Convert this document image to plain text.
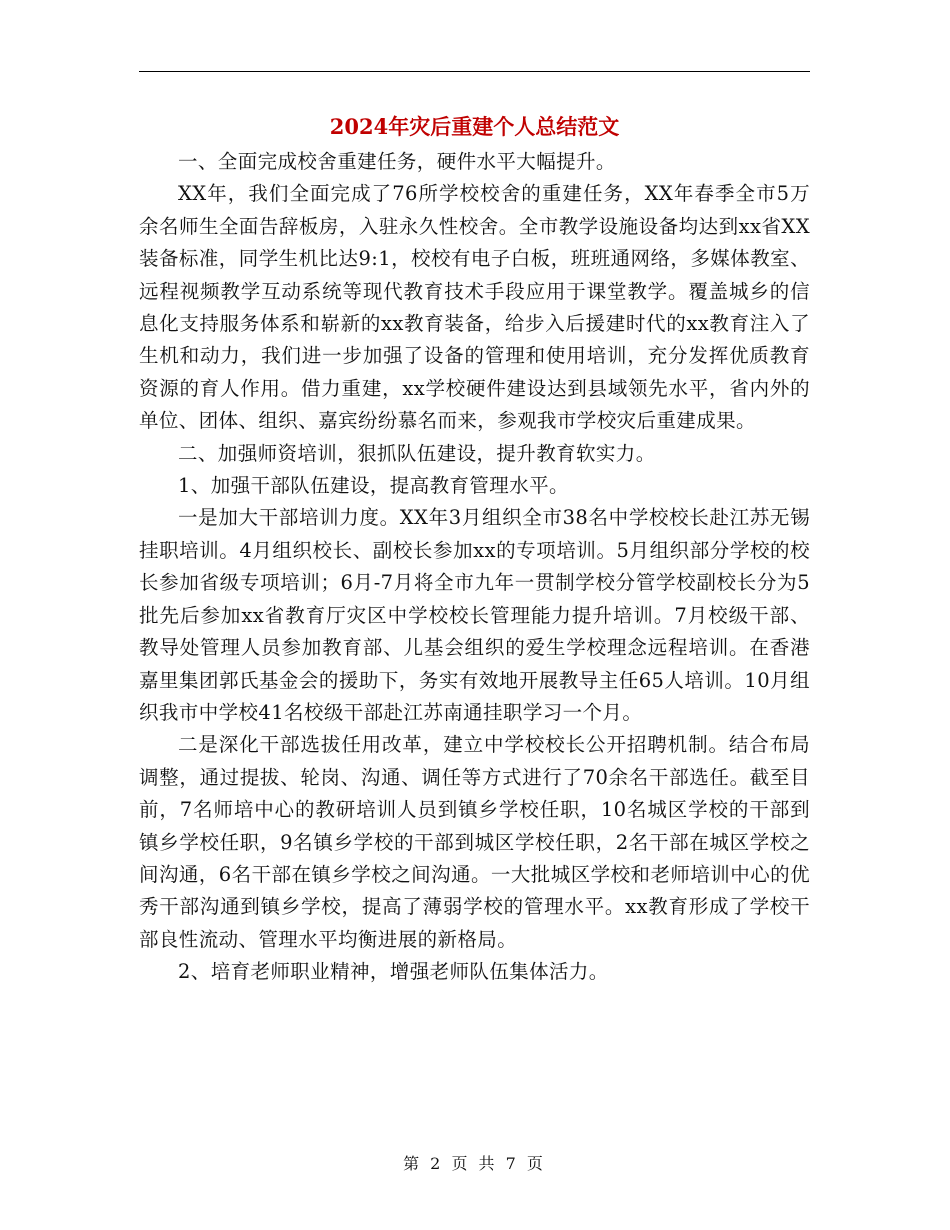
2024年灾后重建个人总结范文

一、全面完成校舍重建任务，硬件水平大幅提升。

XX年，我们全面完成了76所学校校舍的重建任务，XX年春季全市5万余名师生全面告辞板房，入驻永久性校舍。全市教学设施设备均达到xx省XX装备标准，同学生机比达9:1，校校有电子白板，班班通网络，多媒体教室、远程视频教学互动系统等现代教育技术手段应用于课堂教学。覆盖城乡的信息化支持服务体系和崭新的xx教育装备，给步入后援建时代的xx教育注入了生机和动力，我们进一步加强了设备的管理和使用培训，充分发挥优质教育资源的育人作用。借力重建，xx学校硬件建设达到县域领先水平，省内外的单位、团体、组织、嘉宾纷纷慕名而来，参观我市学校灾后重建成果。

二、加强师资培训，狠抓队伍建设，提升教育软实力。

1、加强干部队伍建设，提高教育管理水平。

一是加大干部培训力度。XX年3月组织全市38名中学校校长赴江苏无锡挂职培训。4月组织校长、副校长参加xx的专项培训。5月组织部分学校的校长参加省级专项培训；6月-7月将全市九年一贯制学校分管学校副校长分为5批先后参加xx省教育厅灾区中学校校长管理能力提升培训。7月校级干部、教导处管理人员参加教育部、儿基会组织的爱生学校理念远程培训。在香港嘉里集团郭氏基金会的援助下，务实有效地开展教导主任65人培训。10月组织我市中学校41名校级干部赴江苏南通挂职学习一个月。

二是深化干部选拔任用改革，建立中学校校长公开招聘机制。结合布局调整，通过提拔、轮岗、沟通、调任等方式进行了70余名干部选任。截至目前，7名师培中心的教研培训人员到镇乡学校任职，10名城区学校的干部到镇乡学校任职，9名镇乡学校的干部到城区学校任职，2名干部在城区学校之间沟通，6名干部在镇乡学校之间沟通。一大批城区学校和老师培训中心的优秀干部沟通到镇乡学校，提高了薄弱学校的管理水平。xx教育形成了学校干部良性流动、管理水平均衡进展的新格局。

2、培育老师职业精神，增强老师队伍集体活力。

第 2 页 共 7 页
